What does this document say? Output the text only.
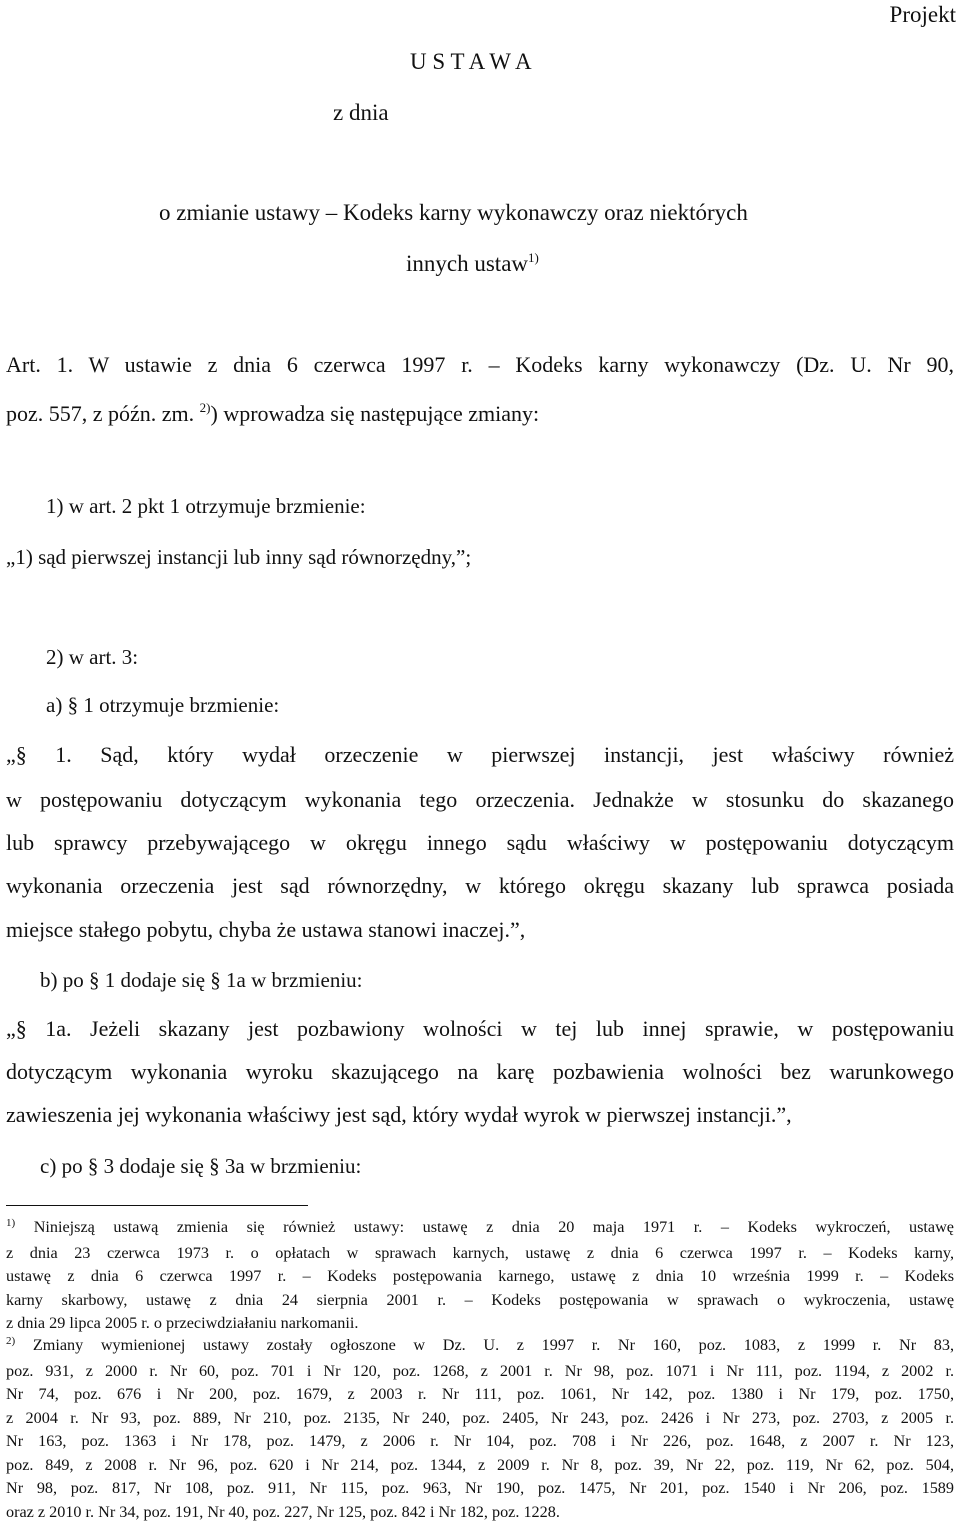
Projekt
U S T A W A
z dnia
o zmianie ustawy – Kodeks karny wykonawczy oraz niektórych
innych ustaw$^{1)}$
Art. 1. W ustawie z dnia 6 czerwca 1997 r. – Kodeks karny wykonawczy (Dz. U. Nr 90,
poz. 557, z późn. zm. $^{2)}$) wprowadza się następujące zmiany:
1) w art. 2 pkt 1 otrzymuje brzmienie:
„1) sąd pierwszej instancji lub inny sąd równorzędny,”;
2) w art. 3:
a) § 1 otrzymuje brzmienie:
„§ 1. Sąd, który wydał orzeczenie w pierwszej instancji, jest właściwy również
w postępowaniu dotyczącym wykonania tego orzeczenia. Jednakże w stosunku do skazanego
lub sprawcy przebywającego w okręgu innego sądu właściwy w postępowaniu dotyczącym
wykonania orzeczenia jest sąd równorzędny, w którego okręgu skazany lub sprawca posiada
miejsce stałego pobytu, chyba że ustawa stanowi inaczej.”,
b) po § 1 dodaje się § 1a w brzmieniu:
„§ 1a. Jeżeli skazany jest pozbawiony wolności w tej lub innej sprawie, w postępowaniu
dotyczącym wykonania wyroku skazującego na karę pozbawienia wolności bez warunkowego
zawieszenia jej wykonania właściwy jest sąd, który wydał wyrok w pierwszej instancji.”,
c) po § 3 dodaje się § 3a w brzmieniu:
$^{1)}$ Niniejszą ustawą zmienia się również ustawy: ustawę z dnia 20 maja 1971 r. – Kodeks wykroczeń, ustawę
z dnia 23 czerwca 1973 r. o opłatach w sprawach karnych, ustawę z dnia 6 czerwca 1997 r. – Kodeks karny,
ustawę z dnia 6 czerwca 1997 r. – Kodeks postępowania karnego, ustawę z dnia 10 września 1999 r. – Kodeks
karny skarbowy, ustawę z dnia 24 sierpnia 2001 r. – Kodeks postępowania w sprawach o wykroczenia, ustawę
z dnia 29 lipca 2005 r. o przeciwdziałaniu narkomanii.
$^{2)}$ Zmiany wymienionej ustawy zostały ogłoszone w Dz. U. z 1997 r. Nr 160, poz. 1083, z 1999 r. Nr 83,
poz. 931, z 2000 r. Nr 60, poz. 701 i Nr 120, poz. 1268, z 2001 r. Nr 98, poz. 1071 i Nr 111, poz. 1194, z 2002 r.
Nr 74, poz. 676 i Nr 200, poz. 1679, z 2003 r. Nr 111, poz. 1061, Nr 142, poz. 1380 i Nr 179, poz. 1750,
z 2004 r. Nr 93, poz. 889, Nr 210, poz. 2135, Nr 240, poz. 2405, Nr 243, poz. 2426 i Nr 273, poz. 2703, z 2005 r.
Nr 163, poz. 1363 i Nr 178, poz. 1479, z 2006 r. Nr 104, poz. 708 i Nr 226, poz. 1648, z 2007 r. Nr 123,
poz. 849, z 2008 r. Nr 96, poz. 620 i Nr 214, poz. 1344, z 2009 r. Nr 8, poz. 39, Nr 22, poz. 119, Nr 62, poz. 504,
Nr 98, poz. 817, Nr 108, poz. 911, Nr 115, poz. 963, Nr 190, poz. 1475, Nr 201, poz. 1540 i Nr 206, poz. 1589
oraz z 2010 r. Nr 34, poz. 191, Nr 40, poz. 227, Nr 125, poz. 842 i Nr 182, poz. 1228.
